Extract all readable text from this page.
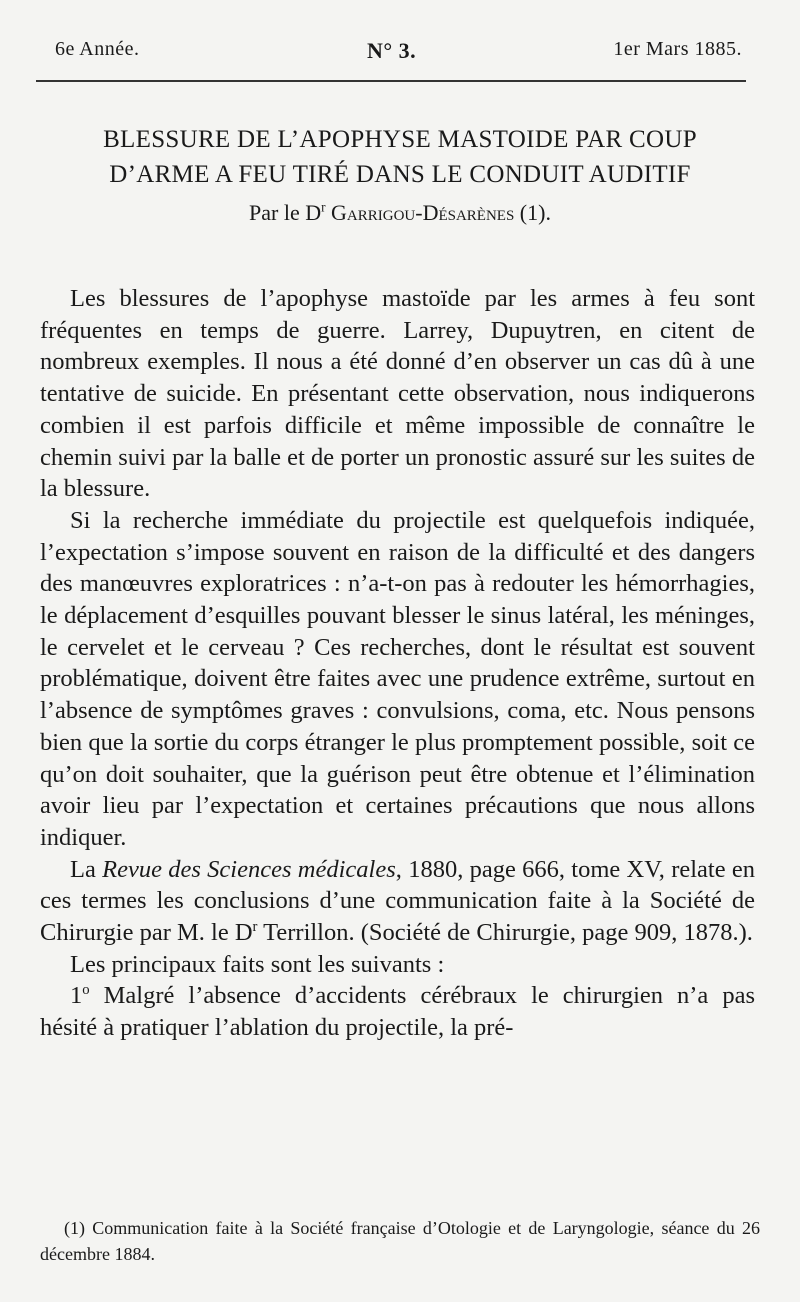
6e Année.	N° 3.	1er Mars 1885.
BLESSURE DE L’APOPHYSE MASTOIDE PAR COUP
D’ARME A FEU TIRÉ DANS LE CONDUIT AUDITIF
Par le $D^r$ Garrigou-Désarènes (1).

Les blessures de l’apophyse mastoïde par les armes à feu sont fréquentes en temps de guerre. Larrey, Dupuytren, en citent de nombreux exemples. Il nous a été donné d’en observer un cas dû à une tentative de suicide. En présentant cette observation, nous indiquerons combien il est parfois difficile et même impossible de connaître le chemin suivi par la balle et de porter un pronostic assuré sur les suites de la blessure.

Si la recherche immédiate du projectile est quelquefois indiquée, l’expectation s’impose souvent en raison de la difficulté et des dangers des manœuvres exploratrices : n’a-t-on pas à redouter les hémorrhagies, le déplacement d’esquilles pouvant blesser le sinus latéral, les méninges, le cervelet et le cerveau ? Ces recherches, dont le résultat est souvent problématique, doivent être faites avec une prudence extrême, surtout en l’absence de symptômes graves : convulsions, coma, etc. Nous pensons bien que la sortie du corps étranger le plus promptement possible, soit ce qu’on doit souhaiter, que la guérison peut être obtenue et l’élimination avoir lieu par l’expectation et certaines précautions que nous allons indiquer.

La Revue des Sciences médicales, 1880, page 666, tome XV, relate en ces termes les conclusions d’une communication faite à la Société de Chirurgie par M. le $D^r$ Terrillon. (Société de Chirurgie, page 909, 1878.).

Les principaux faits sont les suivants :

1$^o$ Malgré l’absence d’accidents cérébraux le chirurgien n’a pas hésité à pratiquer l’ablation du projectile, la pré-

(1) Communication faite à la Société française d’Otologie et de Laryngologie, séance du 26 décembre 1884.
